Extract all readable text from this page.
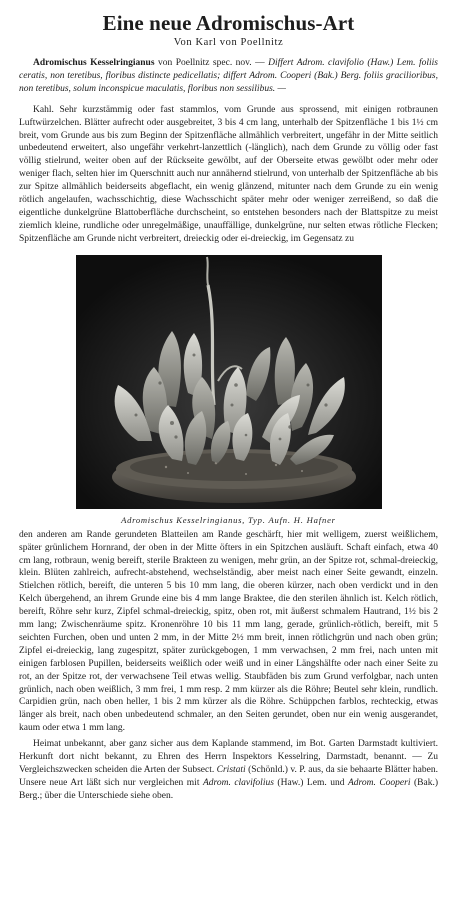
Eine neue Adromischus-Art
Von Karl von Poellnitz

Adromischus Kesselringianus von Poellnitz spec. nov. — Differt Adrom. clavifolio (Haw.) Lem. foliis ceratis, non teretibus, floribus distincte pedicellatis; differt Adrom. Cooperi (Bak.) Berg. foliis gracilioribus, non teretibus, solum inconspicue maculatis, floribus non sessilibus. —

Kahl. Sehr kurzstämmig oder fast stammlos, vom Grunde aus sprossend, mit einigen rotbraunen Luftwürzelchen. Blätter aufrecht oder ausgebreitet, 3 bis 4 cm lang, unterhalb der Spitzenfläche 1 bis 1½ cm breit, vom Grunde aus bis zum Beginn der Spitzenfläche allmählich verbreitert, ungefähr in der Mitte seitlich unbedeutend erweitert, also ungefähr verkehrt-lanzettlich (-länglich), nach dem Grunde zu völlig oder fast völlig stielrund, weiter oben auf der Rückseite gewölbt, auf der Oberseite etwas gewölbt oder mehr oder weniger flach, selten hier im Querschnitt auch nur annähernd stielrund, von unterhalb der Spitzenfläche ab bis zur Spitze allmählich beiderseits abgeflacht, ein wenig glänzend, mitunter nach dem Grunde zu ein wenig rötlich angelaufen, wachsschichtig, diese Wachsschicht später mehr oder weniger zerreißend, so daß die eigentliche dunkelgrüne Blattoberfläche durchscheint, so entstehen besonders nach der Blattspitze zu meist ziemlich kleine, rundliche oder unregelmäßige, unauffällige, dunkelgrüne, nur selten etwas rötliche Flecken; Spitzenfläche am Grunde nicht verbreitert, dreieckig oder ei-dreieckig, im Gegensatz zu

Adromischus Kesselringianus, Typ. Aufn. H. Hafner

den anderen am Rande gerundeten Blatteilen am Rande geschärft, hier mit welligem, zuerst weißlichem, später grünlichem Hornrand, der oben in der Mitte öfters in ein Spitzchen ausläuft. Schaft einfach, etwa 40 cm lang, rotbraun, wenig bereift, sterile Brakteen zu wenigen, mehr grün, an der Spitze rot, schmal-dreieckig, klein. Blüten zahlreich, aufrecht-abstehend, wechselständig, aber meist nach einer Seite gewandt, einzeln. Stielchen rötlich, bereift, die unteren 5 bis 10 mm lang, die oberen kürzer, nach oben verdickt und in den Kelch übergehend, an ihrem Grunde eine bis 4 mm lange Braktee, die den sterilen ähnlich ist. Kelch rötlich, bereift, Röhre sehr kurz, Zipfel schmal-dreieckig, spitz, oben rot, mit äußerst schmalem Hautrand, 1½ bis 2 mm lang; Zwischenräume spitz. Kronenröhre 10 bis 11 mm lang, gerade, grünlich-rötlich, bereift, mit 5 seichten Furchen, oben und unten 2 mm, in der Mitte 2½ mm breit, innen rötlichgrün und nach oben grün; Zipfel ei-dreieckig, lang zugespitzt, später zurückgebogen, 1 mm verwachsen, 2 mm frei, nach unten mit einigen farblosen Pupillen, beiderseits weißlich oder weiß und in einer Längshälfte oder nach einer Seite zu rot, an der Spitze rot, der verwachsene Teil etwas wellig. Staubfäden bis zum Grund verfolgbar, nach unten grünlich, nach oben weißlich, 3 mm frei, 1 mm resp. 2 mm kürzer als die Röhre; Beutel sehr klein, rundlich. Carpidien grün, nach oben heller, 1 bis 2 mm kürzer als die Röhre. Schüppchen farblos, rechteckig, etwas länger als breit, nach oben unbedeutend schmaler, an den Seiten gerundet, oben nur ein wenig ausgerandet, kaum oder etwa 1 mm lang.

Heimat unbekannt, aber ganz sicher aus dem Kaplande stammend, im Bot. Garten Darmstadt kultiviert. Herkunft dort nicht bekannt, zu Ehren des Herrn Inspektors Kesselring, Darmstadt, benannt. — Zu Vergleichszwecken scheiden die Arten der Subsect. Cristati (Schönld.) v. P. aus, da sie behaarte Blätter haben. Unsere neue Art läßt sich nur vergleichen mit Adrom. clavifolius (Haw.) Lem. und Adrom. Cooperi (Bak.) Berg.; über die Unterschiede siehe oben.
